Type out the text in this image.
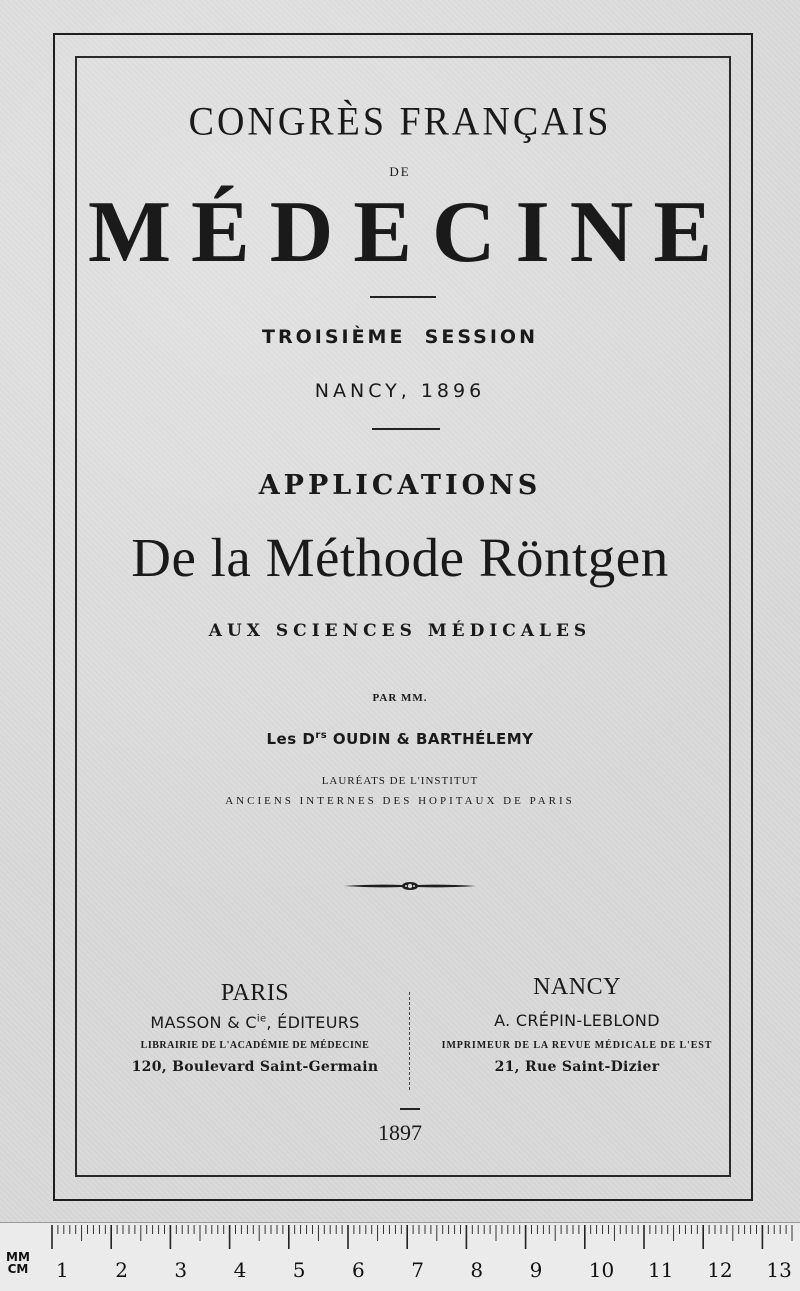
CONGRÈS FRANÇAIS
DE
MÉDECINE
TROISIÈME  SESSION
NANCY, 1896
APPLICATIONS
De la Méthode Röntgen
AUX SCIENCES MÉDICALES
PAR MM.
Les $D^{rs}$ OUDIN & BARTHÉLEMY
LAURÉATS DE L'INSTITUT
ANCIENS INTERNES DES HOPITAUX DE PARIS
PARIS
MASSON & $C^{ie}$, ÉDITEURS
LIBRAIRIE DE L'ACADÉMIE DE MÉDECINE
120, Boulevard Saint-Germain
NANCY
A. CRÉPIN-LEBLOND
IMPRIMEUR DE LA REVUE MÉDICALE DE L'EST
21, Rue Saint-Dizier
1897
1 2 3 4 5 6 7 8 9 10 11 12 13
MM
CM
